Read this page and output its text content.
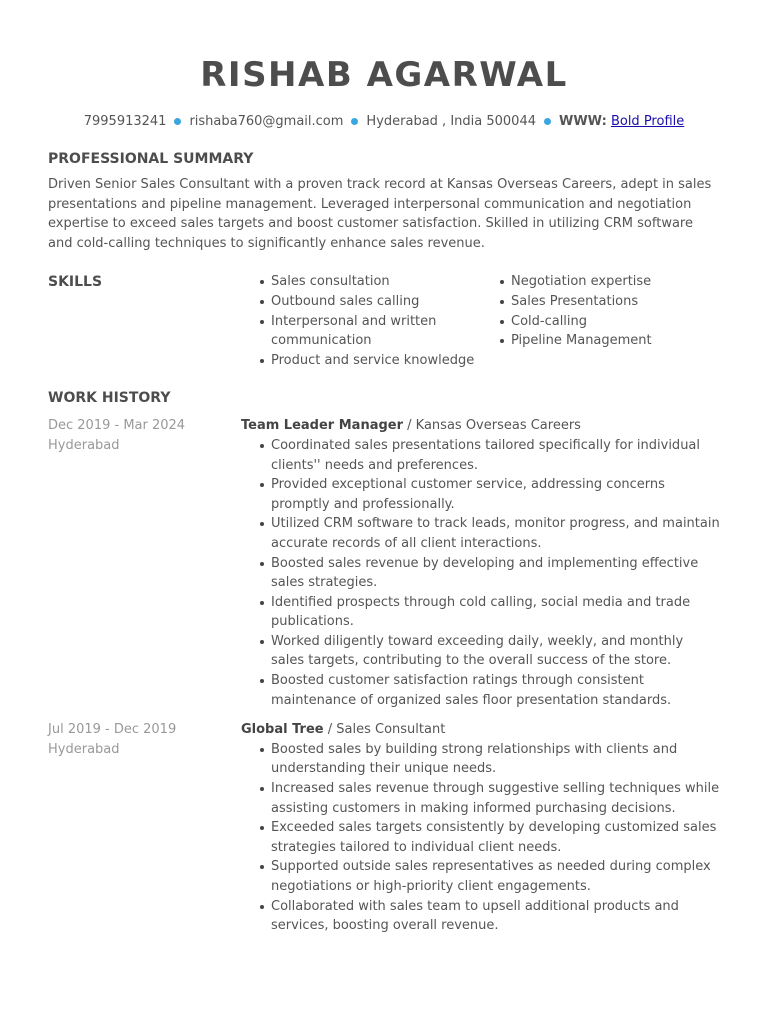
RISHAB AGARWAL
7995913241 rishaba760@gmail.com Hyderabad , India 500044 WWW: Bold Profile
PROFESSIONAL SUMMARY
Driven Senior Sales Consultant with a proven track record at Kansas Overseas Careers, adept in sales presentations and pipeline management. Leveraged interpersonal communication and negotiation expertise to exceed sales targets and boost customer satisfaction. Skilled in utilizing CRM software and cold-calling techniques to significantly enhance sales revenue.
SKILLS	Sales consultation
Outbound sales calling
Interpersonal and written communication
Product and service knowledge
Negotiation expertise
Sales Presentations
Cold-calling
Pipeline Management
WORK HISTORY
Dec 2019 - Mar 2024
Hyderabad
Team Leader Manager / Kansas Overseas Careers
Coordinated sales presentations tailored specifically for individual clients'' needs and preferences.
Provided exceptional customer service, addressing concerns promptly and professionally.
Utilized CRM software to track leads, monitor progress, and maintain accurate records of all client interactions.
Boosted sales revenue by developing and implementing effective sales strategies.
Identified prospects through cold calling, social media and trade publications.
Worked diligently toward exceeding daily, weekly, and monthly sales targets, contributing to the overall success of the store.
Boosted customer satisfaction ratings through consistent maintenance of organized sales floor presentation standards.
Jul 2019 - Dec 2019
Hyderabad
Global Tree / Sales Consultant
Boosted sales by building strong relationships with clients and understanding their unique needs.
Increased sales revenue through suggestive selling techniques while assisting customers in making informed purchasing decisions.
Exceeded sales targets consistently by developing customized sales strategies tailored to individual client needs.
Supported outside sales representatives as needed during complex negotiations or high-priority client engagements.
Collaborated with sales team to upsell additional products and services, boosting overall revenue.
